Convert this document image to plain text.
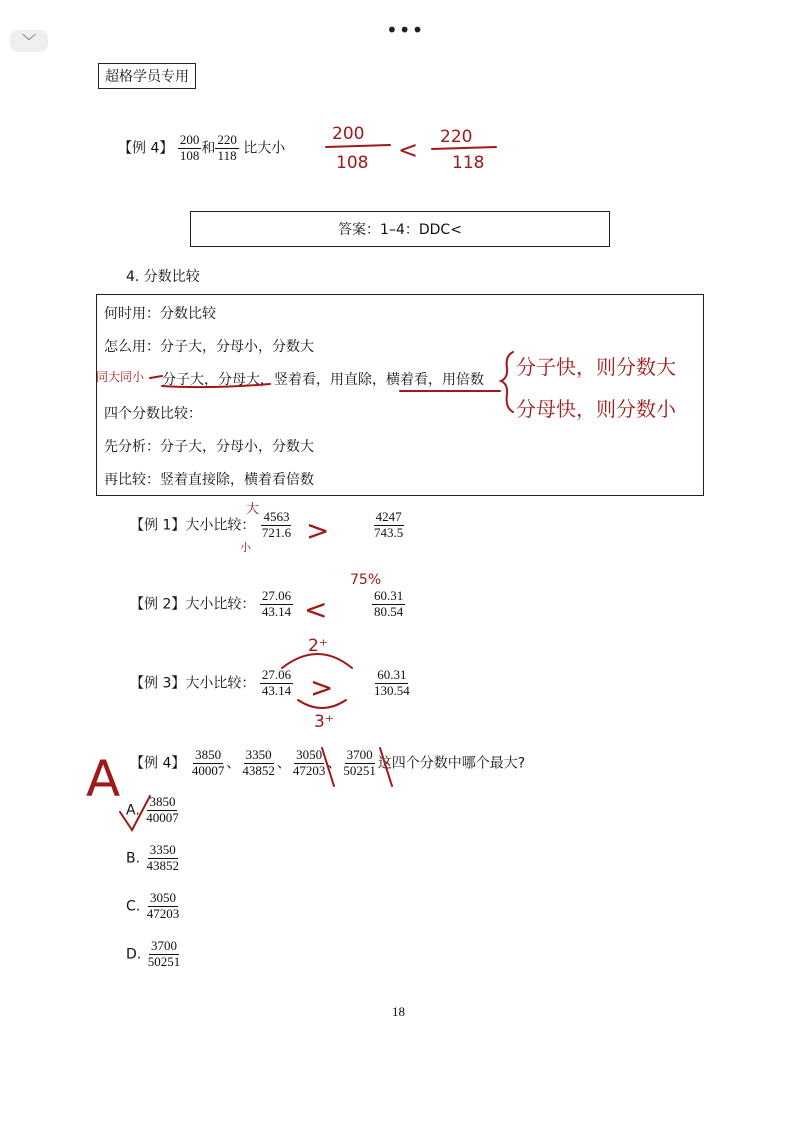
•••
﹀
超格学员专用
【例 4】 $\frac{200}{108}$ 和 $\frac{220}{118}$ 比大小
答案：1–4：DDC<
4. 分数比较
何时用：分数比较
怎么用：分子大，分母小，分数大
分子大，分母大，竖着看，用直除，横着看，用倍数
四个分数比较：
先分析：分子大，分母小，分数大
再比较：竖着直接除，横着看倍数
【例 1】大小比较： $\frac{4563}{721.6}$
	$\frac{4247}{743.5}$
【例 2】大小比较： $\frac{27.06}{43.14}$
	$\frac{60.31}{80.54}$
【例 3】大小比较： $\frac{27.06}{43.14}$
	$\frac{60.31}{130.54}$
【例 4】 $\frac{3850}{40007}$ 、 $\frac{3350}{43852}$ 、 $\frac{3050}{47203}$ 、 $\frac{3700}{50251}$ 这四个分数中哪个最大?
A. $\frac{3850}{40007}$
B. $\frac{3350}{43852}$
C. $\frac{3050}{47203}$
D. $\frac{3700}{50251}$
18
200
108 < 220
118
同大同小	分子快，则分数大
分母快，则分数小
大
小
>
75%
<
2⁺
>
3⁺
A
